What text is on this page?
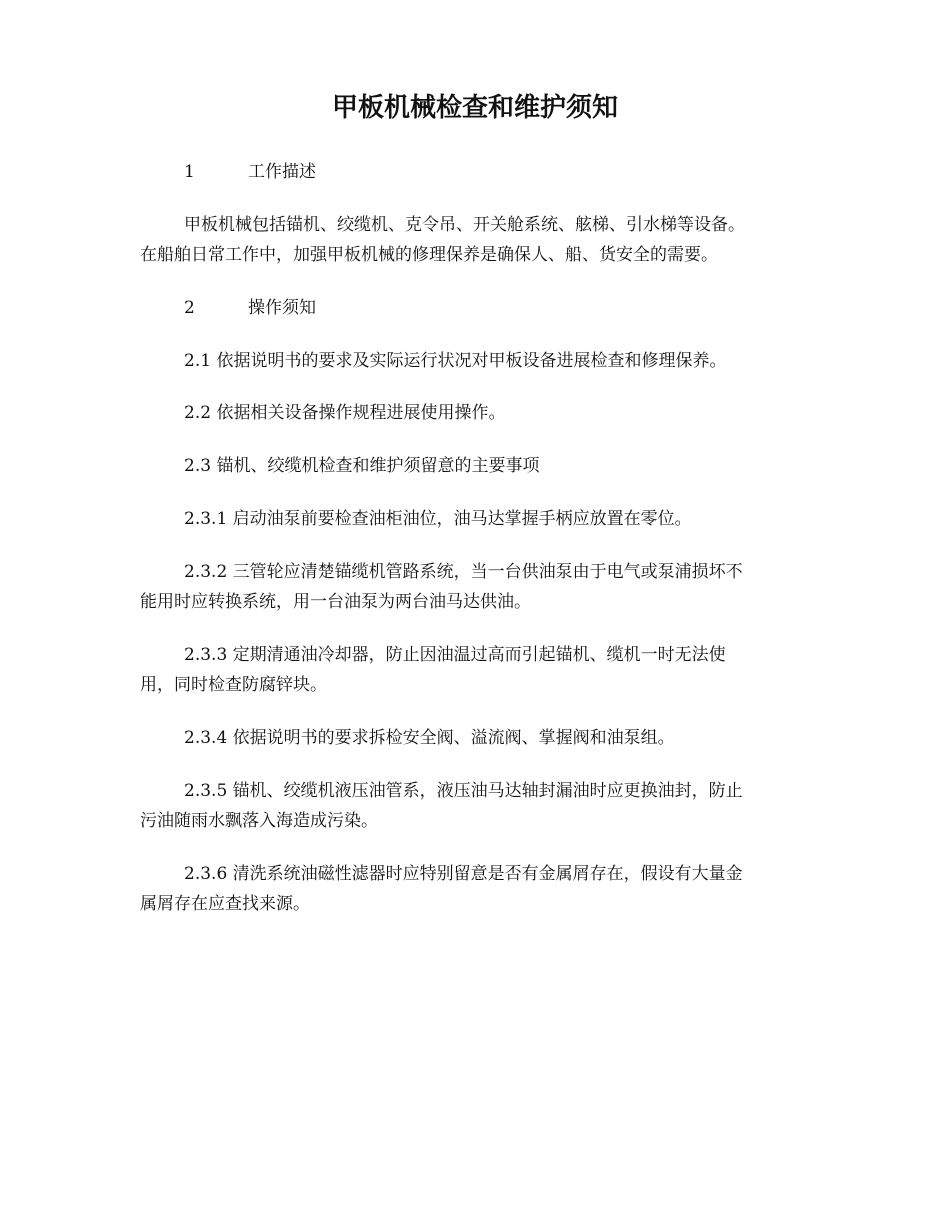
甲板机械检查和维护须知

1	工作描述

甲板机械包括锚机、绞缆机、克令吊、开关舱系统、舷梯、引水梯等设备。

在船舶日常工作中，加强甲板机械的修理保养是确保人、船、货安全的需要。

2	操作须知

2.1 依据说明书的要求及实际运行状况对甲板设备进展检查和修理保养。

2.2 依据相关设备操作规程进展使用操作。

2.3 锚机、绞缆机检查和维护须留意的主要事项

2.3.1 启动油泵前要检查油柜油位，油马达掌握手柄应放置在零位。

2.3.2 三管轮应清楚锚缆机管路系统，当一台供油泵由于电气或泵浦损坏不

能用时应转换系统，用一台油泵为两台油马达供油。

2.3.3 定期清通油冷却器，防止因油温过高而引起锚机、缆机一时无法使

用，同时检查防腐锌块。

2.3.4 依据说明书的要求拆检安全阀、溢流阀、掌握阀和油泵组。

2.3.5 锚机、绞缆机液压油管系，液压油马达轴封漏油时应更换油封，防止

污油随雨水飘落入海造成污染。

2.3.6 清洗系统油磁性滤器时应特别留意是否有金属屑存在，假设有大量金

属屑存在应查找来源。
